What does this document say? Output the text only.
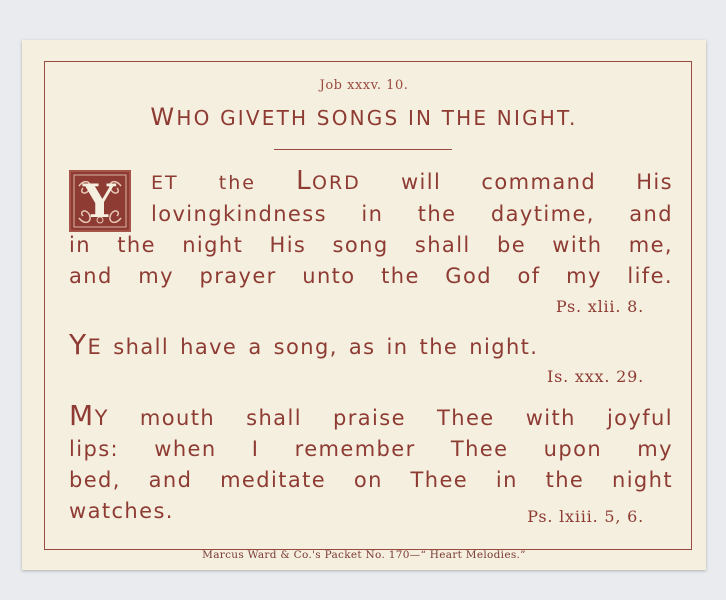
Job xxxv. 10.
WHO GIVETH SONGS IN THE NIGHT.
Y	ET the LORD will command His
lovingkindness in the daytime, and
in the night His song shall be with me,
and my prayer unto the God of my life.
Ps. xlii. 8.
YE shall have a song, as in the night.
Is. xxx. 29.
MY mouth shall praise Thee with joyful
lips: when I remember Thee upon my
bed, and meditate on Thee in the night
watches.	Ps. lxiii. 5, 6.
Marcus Ward & Co.'s Packet No. 170—“ Heart Melodies.”
